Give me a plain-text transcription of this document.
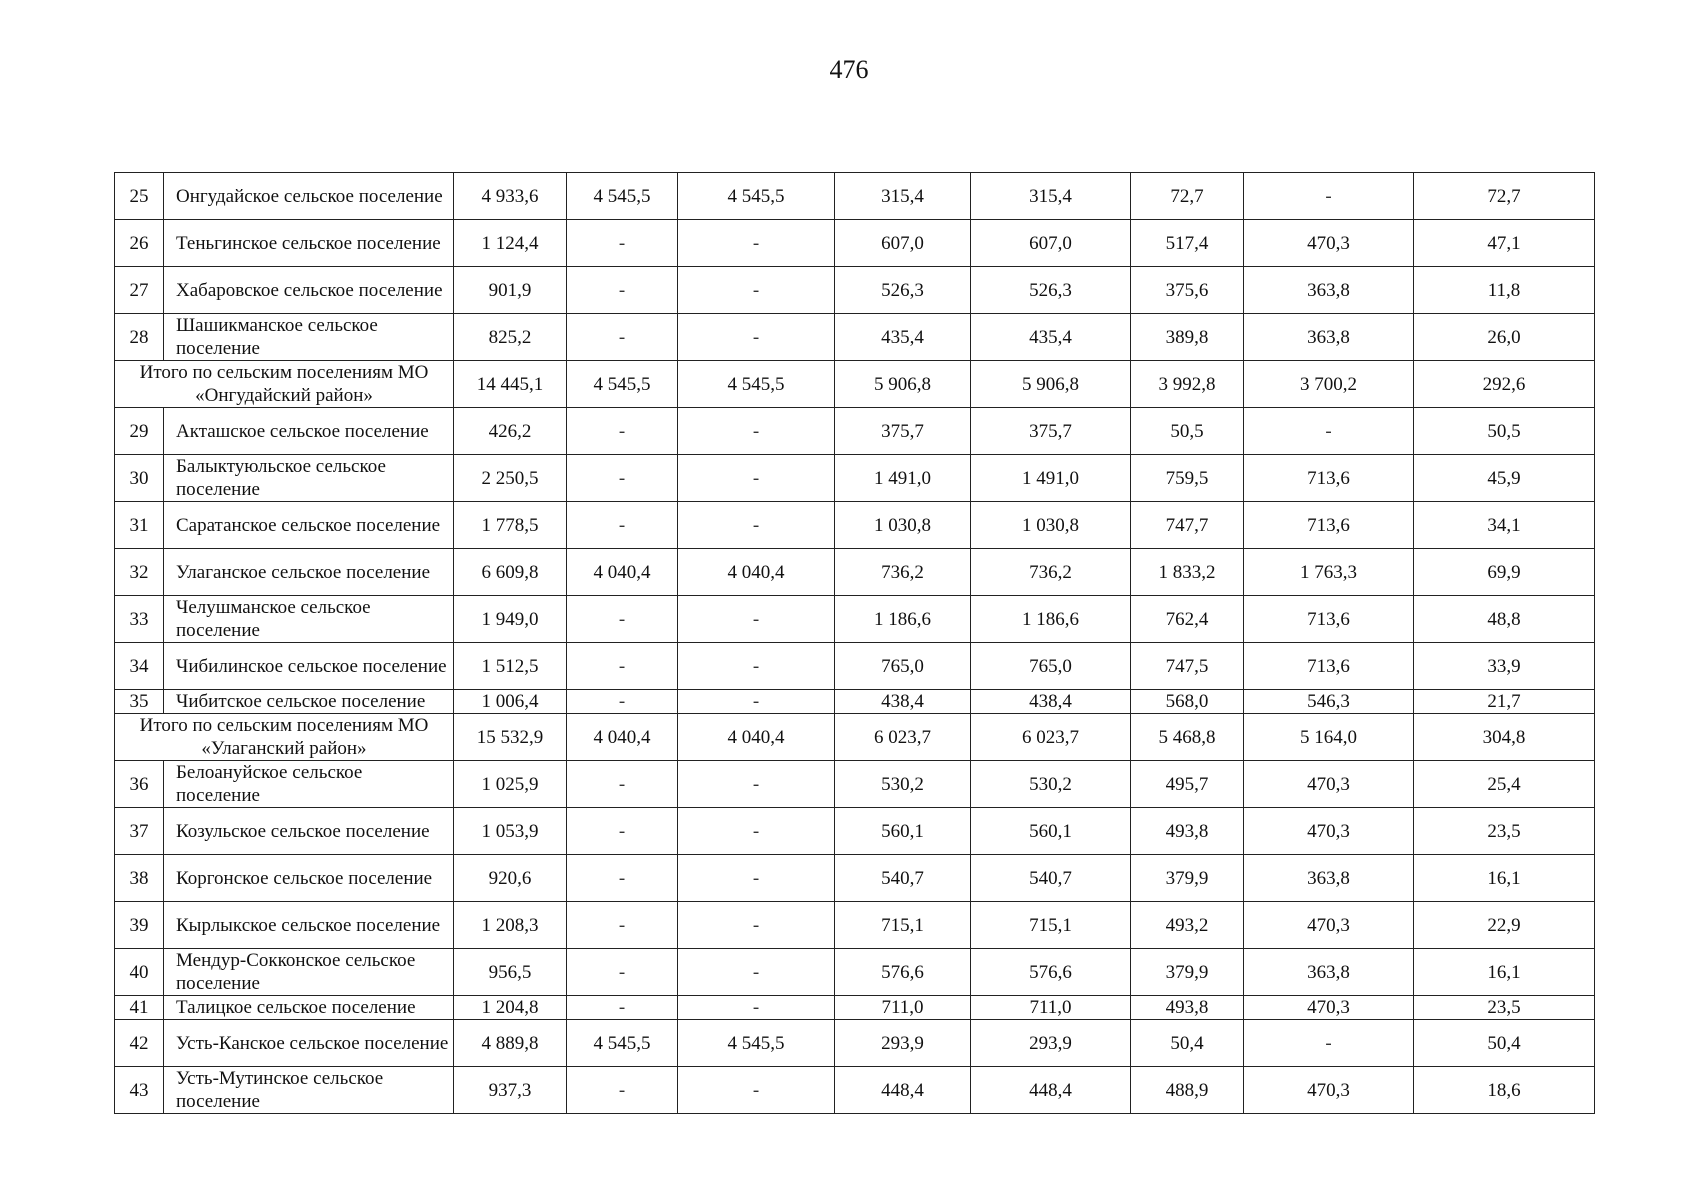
476
25	Онгудайское сельское поселение	4 933,6	4 545,5	4 545,5	315,4	315,4	72,7	-	72,7
26	Теньгинское сельское поселение	1 124,4	-	-	607,0	607,0	517,4	470,3	47,1
27	Хабаровское сельское поселение	901,9	-	-	526,3	526,3	375,6	363,8	11,8
28	Шашикманское сельское поселение	825,2	-	-	435,4	435,4	389,8	363,8	26,0
Итого по сельским поселениям МО «Онгудайский район»		14 445,1	4 545,5	4 545,5	5 906,8	5 906,8	3 992,8	3 700,2	292,6
29	Акташское сельское поселение	426,2	-	-	375,7	375,7	50,5	-	50,5
30	Балыктуюльское сельское поселение	2 250,5	-	-	1 491,0	1 491,0	759,5	713,6	45,9
31	Саратанское сельское поселение	1 778,5	-	-	1 030,8	1 030,8	747,7	713,6	34,1
32	Улаганское сельское поселение	6 609,8	4 040,4	4 040,4	736,2	736,2	1 833,2	1 763,3	69,9
33	Челушманское сельское поселение	1 949,0	-	-	1 186,6	1 186,6	762,4	713,6	48,8
34	Чибилинское сельское поселение	1 512,5	-	-	765,0	765,0	747,5	713,6	33,9
35	Чибитское сельское поселение	1 006,4	-	-	438,4	438,4	568,0	546,3	21,7
Итого по сельским поселениям МО «Улаганский район»		15 532,9	4 040,4	4 040,4	6 023,7	6 023,7	5 468,8	5 164,0	304,8
36	Белоануйское сельское поселение	1 025,9	-	-	530,2	530,2	495,7	470,3	25,4
37	Козульское сельское поселение	1 053,9	-	-	560,1	560,1	493,8	470,3	23,5
38	Коргонское сельское поселение	920,6	-	-	540,7	540,7	379,9	363,8	16,1
39	Кырлыкское сельское поселение	1 208,3	-	-	715,1	715,1	493,2	470,3	22,9
40	Мендур-Сокконское сельское поселение	956,5	-	-	576,6	576,6	379,9	363,8	16,1
41	Талицкое сельское поселение	1 204,8	-	-	711,0	711,0	493,8	470,3	23,5
42	Усть-Канское сельское поселение	4 889,8	4 545,5	4 545,5	293,9	293,9	50,4	-	50,4
43	Усть-Мутинское сельское поселение	937,3	-	-	448,4	448,4	488,9	470,3	18,6
